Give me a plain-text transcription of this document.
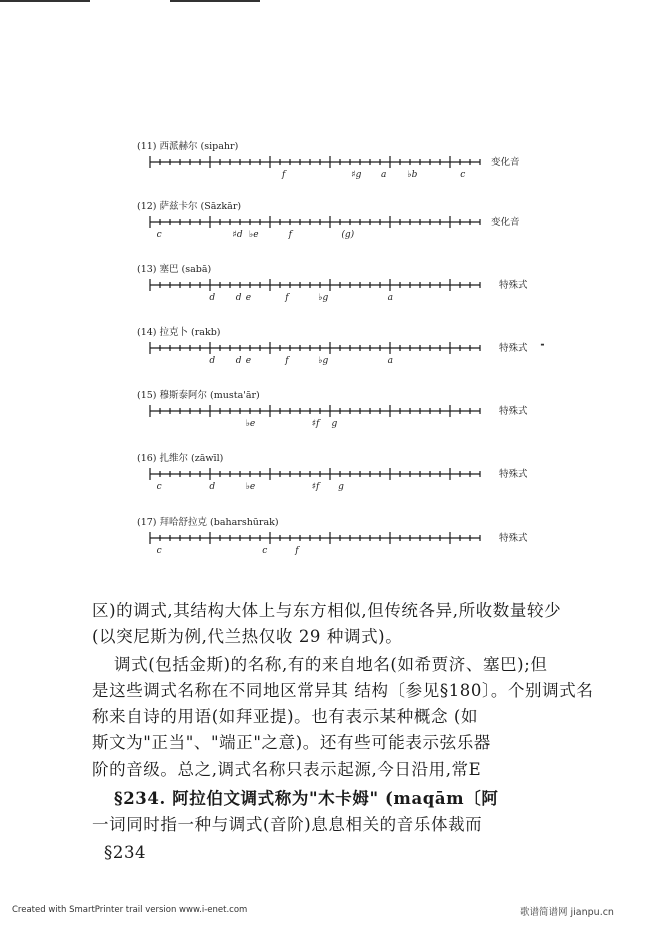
(11) 西派赫尔 (sipahr)
f	♯g a ♭b	c
变化音
(12) 萨兹卡尔 (Sāzkār)
c	♯d ♭e	f	(g)
变化音
(13) 塞巴 (sabā)
d d e	f	♭g	a
特殊式
(14) 拉克卜 (rakb)
d d e	f	♭g	a
特殊式
(15) 穆斯泰阿尔 (musta'ār)
♭e	♯f g
特殊式
(16) 扎维尔 (zāwīl)
c	d	♭e	♯f g
特殊式
(17) 拜哈舒拉克 (baharshūrak)
c	c	f
特殊式
区)的调式,其结构大体上与东方相似,但传统各异,所收数量较少
(以突尼斯为例,代兰热仅收 29 种调式)。
调式(包括金斯)的名称,有的来自地名(如希贾济、塞巴);但
是这些调式名称在不同地区常异其 结构〔参见§180〕。个别调式名
称来自诗的用语(如拜亚提)。也有表示某种概念 (如
斯文为"正当"、"端正"之意)。还有些可能表示弦乐器
阶的音级。总之,调式名称只表示起源,今日沿用,常E
§234. 阿拉伯文调式称为"木卡姆" (maqām〔阿
一词同时指一种与调式(音阶)息息相关的音乐体裁而
§234
╸
Created with SmartPrinter trail version www.i-enet.com	歌谱简谱网 jianpu.cn
